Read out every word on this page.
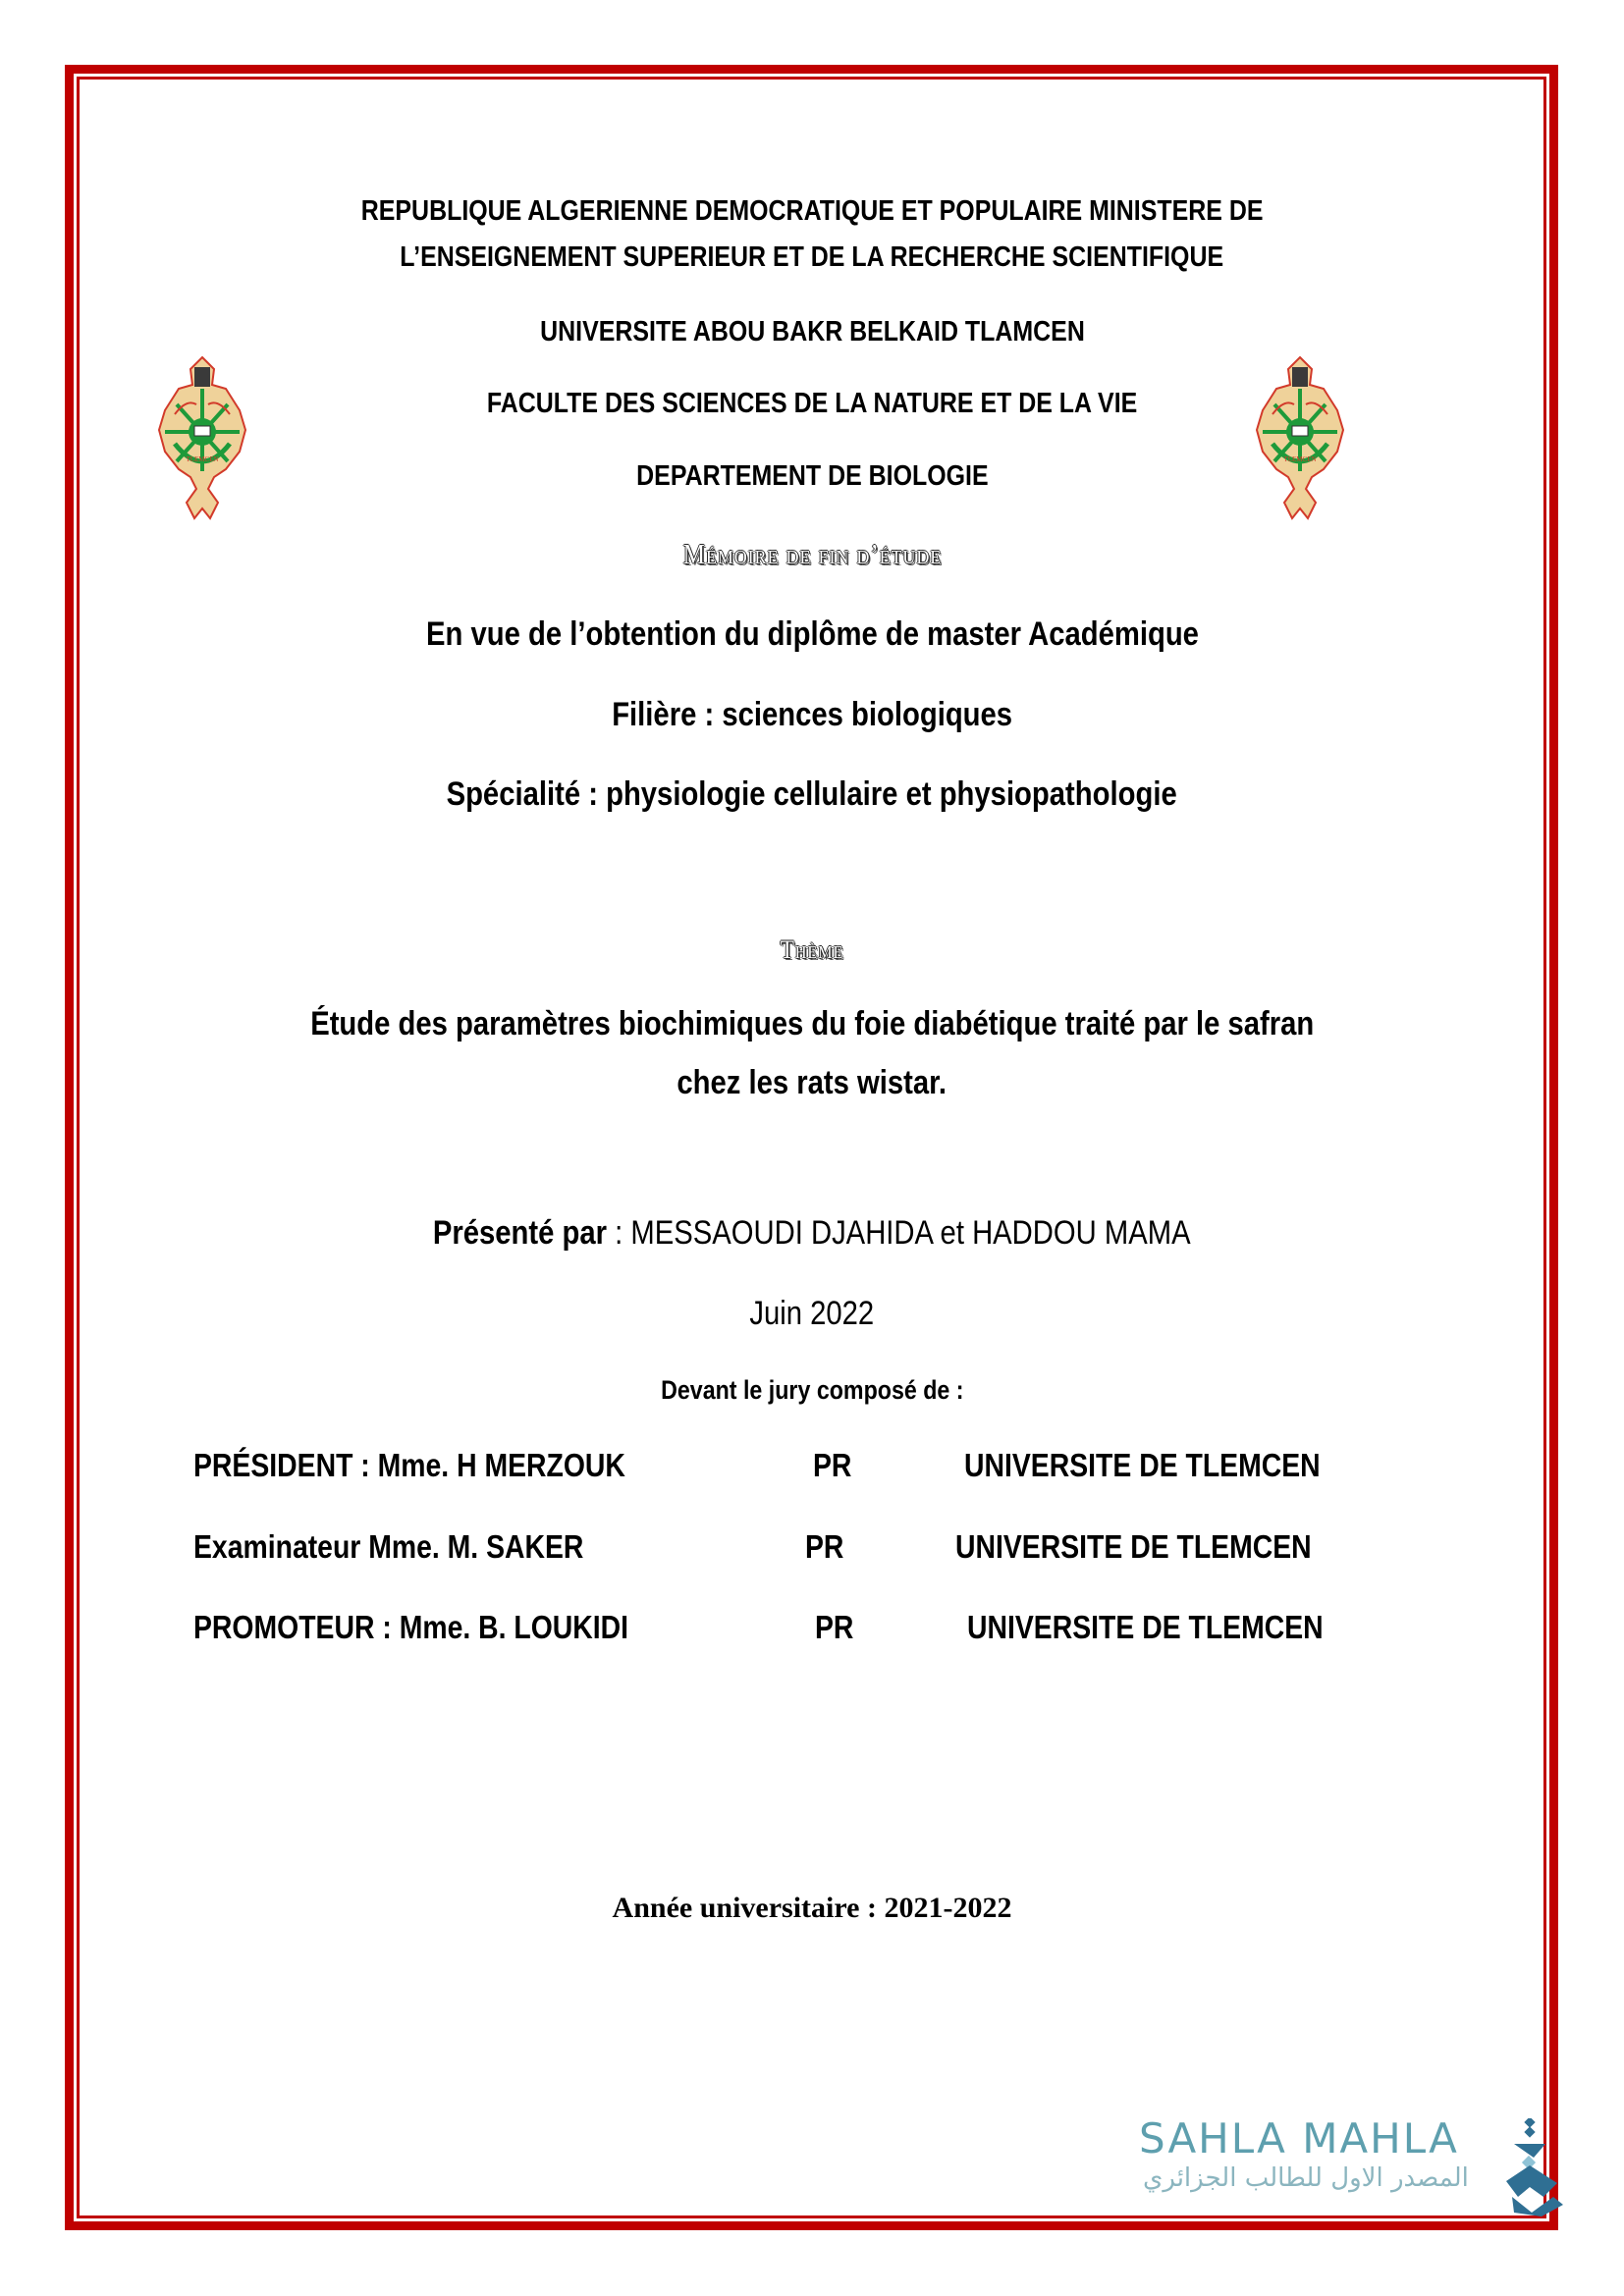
REPUBLIQUE ALGERIENNE DEMOCRATIQUE ET POPULAIRE MINISTERE DE
L’ENSEIGNEMENT SUPERIEUR ET DE LA RECHERCHE SCIENTIFIQUE
UNIVERSITE ABOU BAKR BELKAID TLAMCEN
FACULTE DES SCIENCES DE LA NATURE ET DE LA VIE
DEPARTEMENT DE BIOLOGIE
TLEMCEN	TLEMCEN
Mémoire de fin d’étude
En vue de l’obtention du diplôme de master Académique
Filière : sciences biologiques
Spécialité : physiologie cellulaire et physiopathologie
Thème
Étude des paramètres biochimiques du foie diabétique traité par le safran
chez les rats wistar.
Présenté par : MESSAOUDI DJAHIDA et HADDOU MAMA
Juin 2022
Devant le jury composé de :
PRÉSIDENT : Mme. H MERZOUK	PR	UNIVERSITE DE TLEMCEN
Examinateur Mme. M. SAKER	PR	UNIVERSITE DE TLEMCEN
PROMOTEUR : Mme. B. LOUKIDI	PR	UNIVERSITE DE TLEMCEN
Année universitaire : 2021-2022
SAHLA MAHLA
المصدر الاول للطالب الجزائري
